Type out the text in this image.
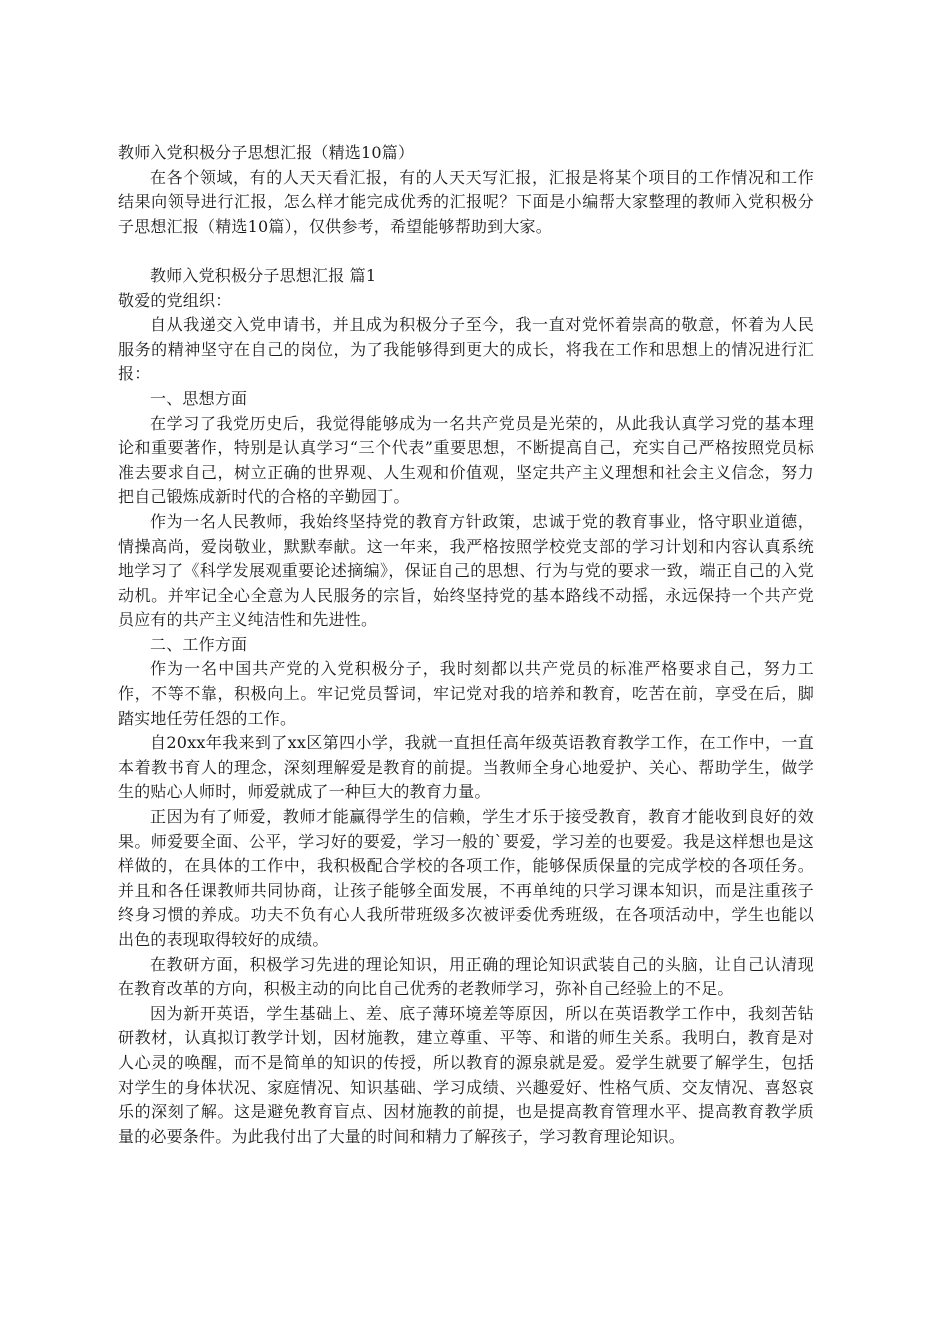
教师入党积极分子思想汇报（精选10篇）

在各个领域，有的人天天看汇报，有的人天天写汇报，汇报是将某个项目的工作情况和工作结果向领导进行汇报，怎么样才能完成优秀的汇报呢？下面是小编帮大家整理的教师入党积极分子思想汇报（精选10篇），仅供参考，希望能够帮助到大家。

教师入党积极分子思想汇报 篇1

敬爱的党组织：

自从我递交入党申请书，并且成为积极分子至今，我一直对党怀着崇高的敬意，怀着为人民服务的精神坚守在自己的岗位，为了我能够得到更大的成长，将我在工作和思想上的情况进行汇报：

一、思想方面

在学习了我党历史后，我觉得能够成为一名共产党员是光荣的，从此我认真学习党的基本理论和重要著作，特别是认真学习“三个代表”重要思想，不断提高自己，充实自己严格按照党员标准去要求自己，树立正确的世界观、人生观和价值观，坚定共产主义理想和社会主义信念，努力把自己锻炼成新时代的合格的辛勤园丁。

作为一名人民教师，我始终坚持党的教育方针政策，忠诚于党的教育事业，恪守职业道德，情操高尚，爱岗敬业，默默奉献。这一年来，我严格按照学校党支部的学习计划和内容认真系统地学习了《科学发展观重要论述摘编》，保证自己的思想、行为与党的要求一致，端正自己的入党动机。并牢记全心全意为人民服务的宗旨，始终坚持党的基本路线不动摇，永远保持一个共产党员应有的共产主义纯洁性和先进性。

二、工作方面

作为一名中国共产党的入党积极分子，我时刻都以共产党员的标准严格要求自己，努力工作，不等不靠，积极向上。牢记党员誓词，牢记党对我的培养和教育，吃苦在前，享受在后，脚踏实地任劳任怨的工作。

自20xx年我来到了xx区第四小学，我就一直担任高年级英语教育教学工作，在工作中，一直本着教书育人的理念，深刻理解爱是教育的前提。当教师全身心地爱护、关心、帮助学生，做学生的贴心人师时，师爱就成了一种巨大的教育力量。

正因为有了师爱，教师才能赢得学生的信赖，学生才乐于接受教育，教育才能收到良好的效果。师爱要全面、公平，学习好的要爱，学习一般的`要爱，学习差的也要爱。我是这样想也是这样做的，在具体的工作中，我积极配合学校的各项工作，能够保质保量的完成学校的各项任务。并且和各任课教师共同协商，让孩子能够全面发展，不再单纯的只学习课本知识，而是注重孩子终身习惯的养成。功夫不负有心人我所带班级多次被评委优秀班级，在各项活动中，学生也能以出色的表现取得较好的成绩。

在教研方面，积极学习先进的理论知识，用正确的理论知识武装自己的头脑，让自己认清现在教育改革的方向，积极主动的向比自己优秀的老教师学习，弥补自己经验上的不足。

因为新开英语，学生基础上、差、底子薄环境差等原因，所以在英语教学工作中，我刻苦钻研教材，认真拟订教学计划，因材施教，建立尊重、平等、和谐的师生关系。我明白，教育是对人心灵的唤醒，而不是简单的知识的传授，所以教育的源泉就是爱。爱学生就要了解学生，包括对学生的身体状况、家庭情况、知识基础、学习成绩、兴趣爱好、性格气质、交友情况、喜怒哀乐的深刻了解。这是避免教育盲点、因材施教的前提，也是提高教育管理水平、提高教育教学质量的必要条件。为此我付出了大量的时间和精力了解孩子，学习教育理论知识。
